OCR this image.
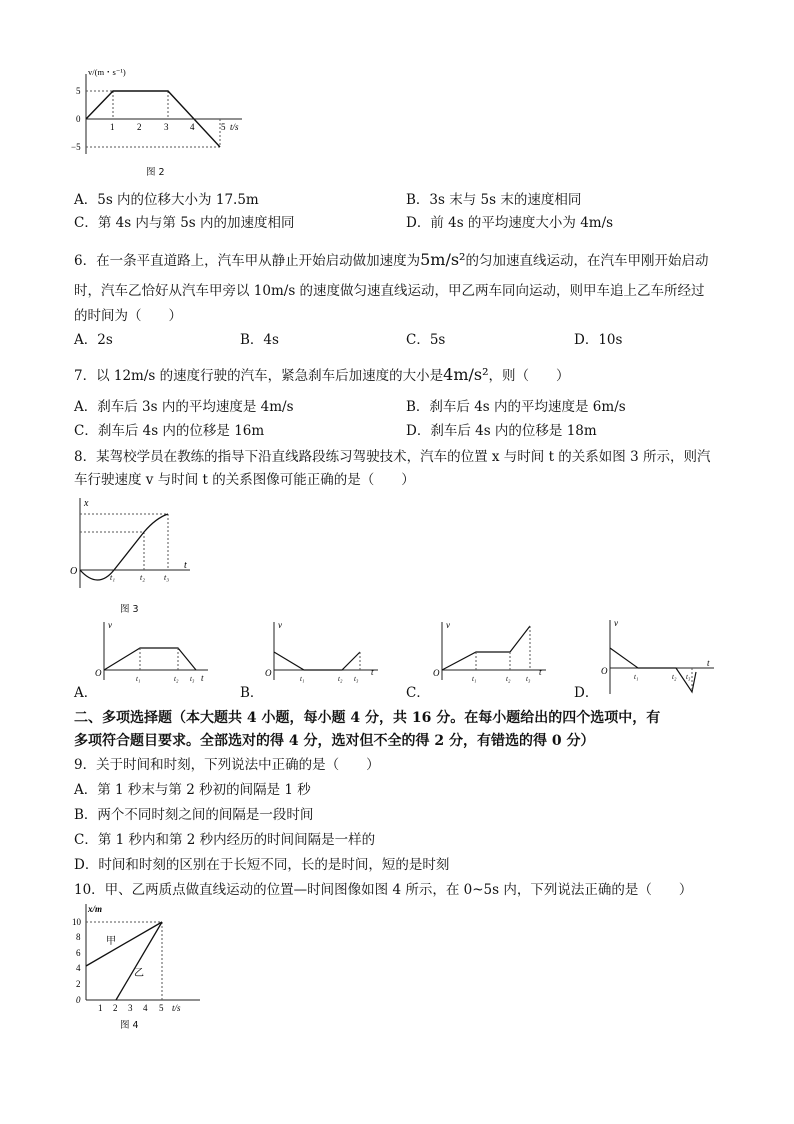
v/(m・s⁻¹)
5
0
−5
1	2	3 4	5 t/s
图 2
A．5s 内的位移大小为 17.5m	B．3s 末与 5s 末的速度相同
C．第 4s 内与第 5s 内的加速度相同	D．前 4s 的平均速度大小为 4m/s
6．在一条平直道路上，汽车甲从静止开始启动做加速度为5m/s²的匀加速直线运动，在汽车甲刚开始启动
时，汽车乙恰好从汽车甲旁以 10m/s 的速度做匀速直线运动，甲乙两车同向运动，则甲车追上乙车所经过
的时间为（　　）
A．2s	B．4s	C．5s	D．10s
7．以 12m/s 的速度行驶的汽车，紧急刹车后加速度的大小是4m/s²，则（　　）
A．刹车后 3s 内的平均速度是 4m/s	B．刹车后 4s 内的平均速度是 6m/s
C．刹车后 4s 内的位移是 16m	D．刹车后 4s 内的位移是 18m
8．某驾校学员在教练的指导下沿直线路段练习驾驶技术，汽车的位置 x 与时间 t 的关系如图 3 所示，则汽
车行驶速度 v 与时间 t 的关系图像可能正确的是（　　）
x
O
t₁	t₂ t₃
t
图 3
v
O
t₁	t₂ t₃ t
A．
v
O
t₁	t₂ t₃
t
B．
v
O
t₁	t₂ t₃
t
C．
v
O
t₁	t₂ t₃
t
D．
二、多项选择题（本大题共 4 小题，每小题 4 分，共 16 分。在每小题给出的四个选项中，有
多项符合题目要求。全部选对的得 4 分，选对但不全的得 2 分，有错选的得 0 分）
9．关于时间和时刻，下列说法中正确的是（　　）
A．第 1 秒末与第 2 秒初的间隔是 1 秒
B．两个不同时刻之间的间隔是一段时间
C．第 1 秒内和第 2 秒内经历的时间间隔是一样的
D．时间和时刻的区别在于长短不同，长的是时间，短的是时刻
10．甲、乙两质点做直线运动的位置—时间图像如图 4 所示，在 0~5s 内，下列说法正确的是（　　）
x/m
10
8
6
4
2
0
1 2 3 4 5 t/s
甲
乙
图 4
